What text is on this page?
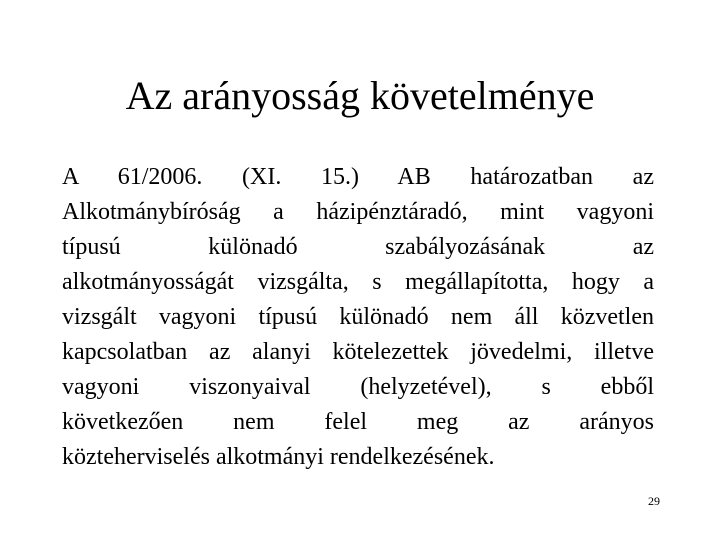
Az arányosság követelménye
A 61/2006. (XI. 15.) AB határozatban az
Alkotmánybíróság a házipénztáradó, mint vagyoni
típusú különadó szabályozásának az
alkotmányosságát vizsgálta, s megállapította, hogy a
vizsgált vagyoni típusú különadó nem áll közvetlen
kapcsolatban az alanyi kötelezettek jövedelmi, illetve
vagyoni viszonyaival (helyzetével), s ebből
következően nem felel meg az arányos
közteherviselés alkotmányi rendelkezésének.
29
